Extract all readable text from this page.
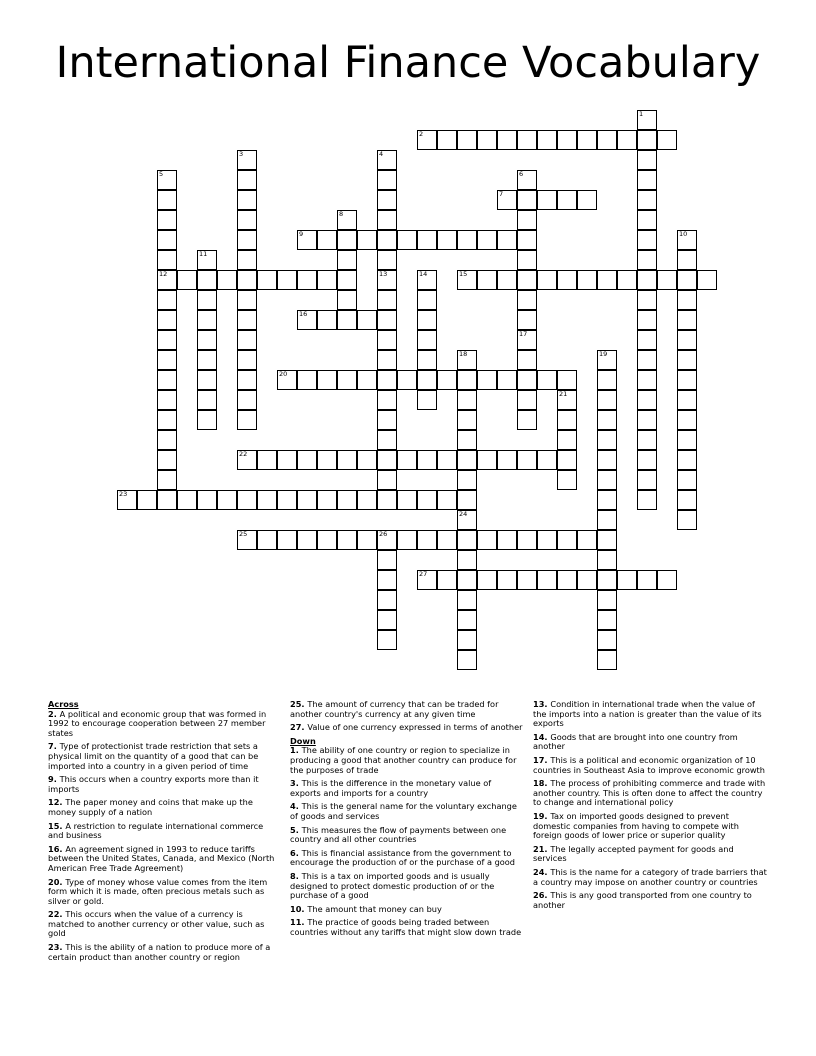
International Finance Vocabulary
2
7
9
12	15
16
20
22
23
25	26
27
1
3	4
13
5	6
8
10
11
14
17
18
24
19
21
Across
2. A political and economic group that was formed in 1992 to encourage cooperation between 27 member states
7. Type of protectionist trade restriction that sets a physical limit on the quantity of a good that can be imported into a country in a given period of time
9. This occurs when a country exports more than it imports
12. The paper money and coins that make up the money supply of a nation
15. A restriction to regulate international commerce and business
16. An agreement signed in 1993 to reduce tariffs between the United States, Canada, and Mexico (North American Free Trade Agreement)
20. Type of money whose value comes from the item form which it is made, often precious metals such as silver or gold.
22. This occurs when the value of a currency is matched to another currency or other value, such as gold
23. This is the ability of a nation to produce more of a certain product than another country or region
25. The amount of currency that can be traded for another country's currency at any given time
27. Value of one currency expressed in terms of another
Down
1. The ability of one country or region to specialize in producing a good that another country can produce for the purposes of trade
3. This is the difference in the monetary value of exports and imports for a country
4. This is the general name for the voluntary exchange of goods and services
5. This measures the flow of payments between one country and all other countries
6. This is financial assistance from the government to encourage the production of or the purchase of a good
8. This is a tax on imported goods and is usually designed to protect domestic production of or the purchase of a good
10. The amount that money can buy
11. The practice of goods being traded between countries without any tariffs that might slow down trade
13. Condition in international trade when the value of the imports into a nation is greater than the value of its exports
14. Goods that are brought into one country from another
17. This is a political and economic organization of 10 countries in Southeast Asia to improve economic growth
18. The process of prohibiting commerce and trade with another country. This is often done to affect the country to change and international policy
19. Tax on imported goods designed to prevent domestic companies from having to compete with foreign goods of lower price or superior quality
21. The legally accepted payment for goods and services
24. This is the name for a category of trade barriers that a country may impose on another country or countries
26. This is any good transported from one country to another
